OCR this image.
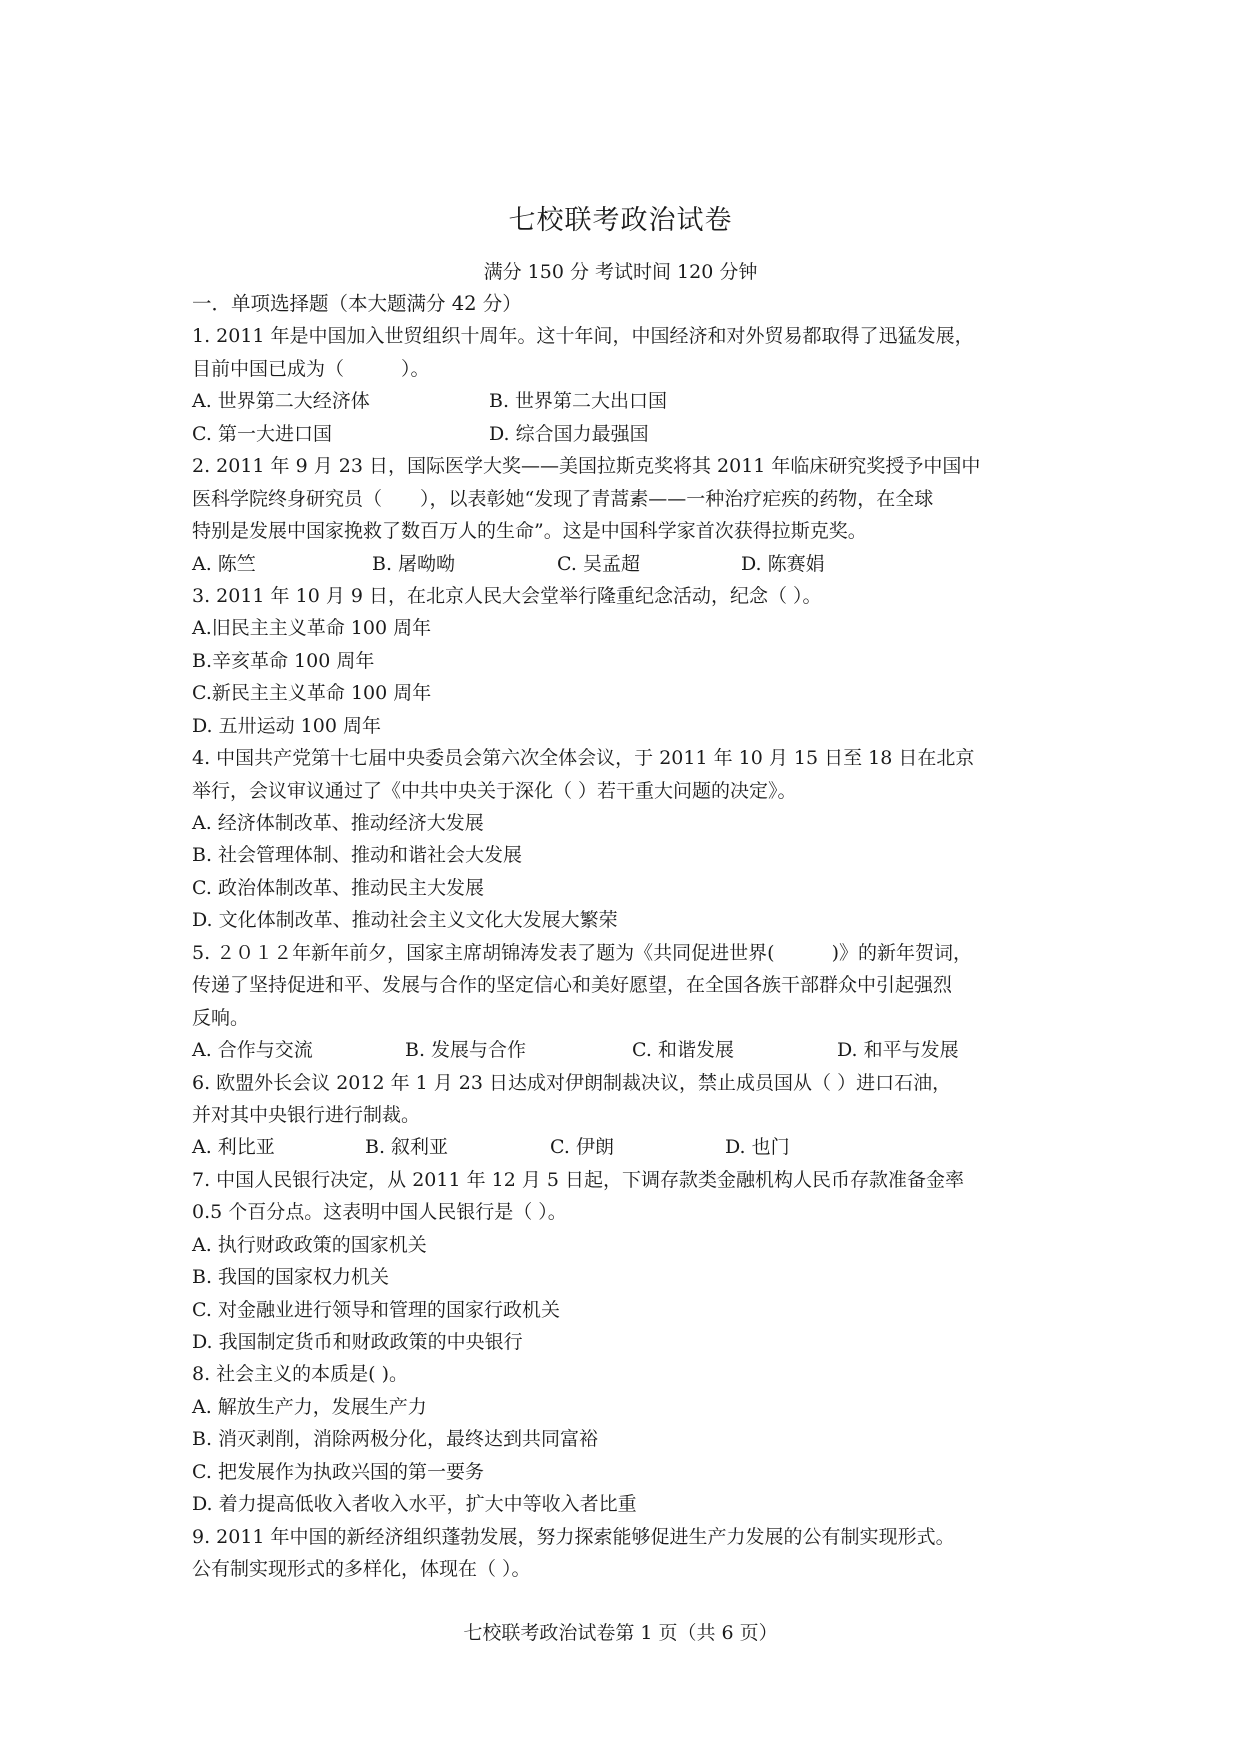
七校联考政治试卷
满分 150 分 考试时间 120 分钟
一．单项选择题（本大题满分 42 分）
1. 2011 年是中国加入世贸组织十周年。这十年间，中国经济和对外贸易都取得了迅猛发展，
目前中国已成为（　　　）。
A. 世界第二大经济体	B. 世界第二大出口国
C. 第一大进口国	D. 综合国力最强国
2. 2011 年 9 月 23 日，国际医学大奖——美国拉斯克奖将其 2011 年临床研究奖授予中国中
医科学院终身研究员（　　），以表彰她“发现了青蒿素——一种治疗疟疾的药物，在全球
特别是发展中国家挽救了数百万人的生命”。这是中国科学家首次获得拉斯克奖。
A. 陈竺	B. 屠呦呦	C. 吴孟超	D. 陈赛娟
3. 2011 年 10 月 9 日，在北京人民大会堂举行隆重纪念活动，纪念（ ）。
A.旧民主主义革命 100 周年
B.辛亥革命 100 周年
C.新民主主义革命 100 周年
D. 五卅运动 100 周年
4. 中国共产党第十七届中央委员会第六次全体会议，于 2011 年 10 月 15 日至 18 日在北京
举行，会议审议通过了《中共中央关于深化（ ）若干重大问题的决定》。
A. 经济体制改革、推动经济大发展
B. 社会管理体制、推动和谐社会大发展
C. 政治体制改革、推动民主大发展
D. 文化体制改革、推动社会主义文化大发展大繁荣
5. ２０１２年新年前夕，国家主席胡锦涛发表了题为《共同促进世界(　　　)》的新年贺词，
传递了坚持促进和平、发展与合作的坚定信心和美好愿望，在全国各族干部群众中引起强烈
反响。
A. 合作与交流	B. 发展与合作	C. 和谐发展	D. 和平与发展
6. 欧盟外长会议 2012 年 1 月 23 日达成对伊朗制裁决议，禁止成员国从（ ）进口石油，
并对其中央银行进行制裁。
A. 利比亚	B. 叙利亚	C. 伊朗	D. 也门
7. 中国人民银行决定，从 2011 年 12 月 5 日起，下调存款类金融机构人民币存款准备金率
0.5 个百分点。这表明中国人民银行是（ ）。
A. 执行财政政策的国家机关
B. 我国的国家权力机关
C. 对金融业进行领导和管理的国家行政机关
D. 我国制定货币和财政政策的中央银行
8. 社会主义的本质是( )。
A. 解放生产力，发展生产力
B. 消灭剥削，消除两极分化，最终达到共同富裕
C. 把发展作为执政兴国的第一要务
D. 着力提高低收入者收入水平，扩大中等收入者比重
9. 2011 年中国的新经济组织蓬勃发展，努力探索能够促进生产力发展的公有制实现形式。
公有制实现形式的多样化，体现在（ ）。
七校联考政治试卷第 1 页（共 6 页）
